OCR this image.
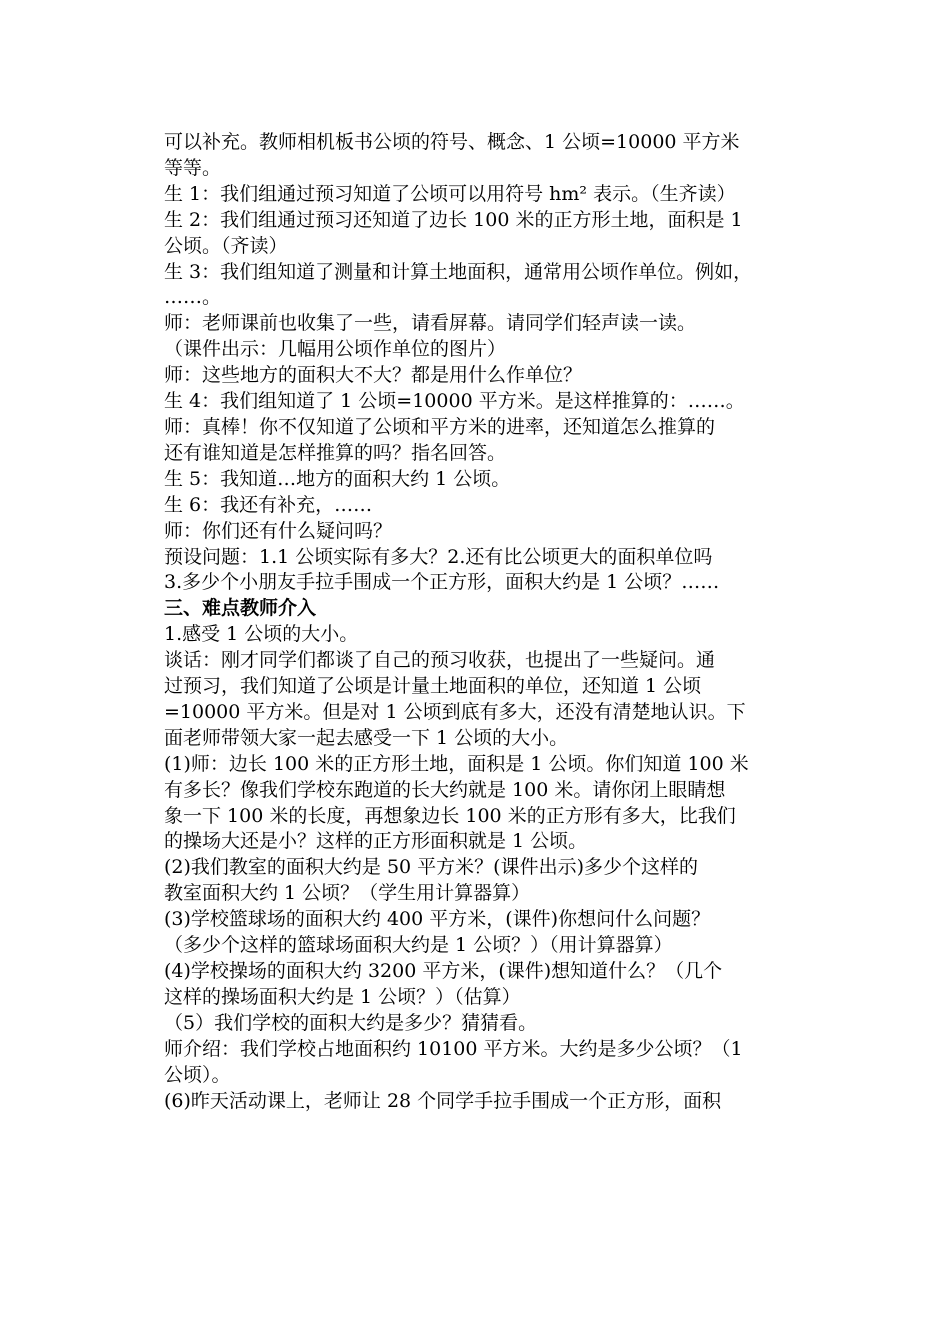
可以补充。教师相机板书公顷的符号、概念、1 公顷=10000 平方米
等等。
生 1：我们组通过预习知道了公顷可以用符号 hm² 表示。（生齐读）
生 2：我们组通过预习还知道了边长 100 米的正方形土地，面积是 1
公顷。（齐读）
生 3：我们组知道了测量和计算土地面积，通常用公顷作单位。例如，
……。
师：老师课前也收集了一些，请看屏幕。请同学们轻声读一读。
（课件出示：几幅用公顷作单位的图片）
师：这些地方的面积大不大？都是用什么作单位？
生 4：我们组知道了 1 公顷=10000 平方米。是这样推算的：……。
师：真棒！你不仅知道了公顷和平方米的进率，还知道怎么推算的
还有谁知道是怎样推算的吗？指名回答。
生 5：我知道…地方的面积大约 1 公顷。
生 6：我还有补充，……
师：你们还有什么疑问吗？
预设问题：1.1 公顷实际有多大？2.还有比公顷更大的面积单位吗
3.多少个小朋友手拉手围成一个正方形，面积大约是 1 公顷？……
三、难点教师介入
1.感受 1 公顷的大小。
谈话：刚才同学们都谈了自己的预习收获，也提出了一些疑问。通
过预习，我们知道了公顷是计量土地面积的单位，还知道 1 公顷
=10000 平方米。但是对 1 公顷到底有多大，还没有清楚地认识。下
面老师带领大家一起去感受一下 1 公顷的大小。
(1)师：边长 100 米的正方形土地，面积是 1 公顷。你们知道 100 米
有多长？像我们学校东跑道的长大约就是 100 米。请你闭上眼睛想
象一下 100 米的长度，再想象边长 100 米的正方形有多大，比我们
的操场大还是小？这样的正方形面积就是 1 公顷。
(2)我们教室的面积大约是 50 平方米？(课件出示)多少个这样的
教室面积大约 1 公顷？（学生用计算器算）
(3)学校篮球场的面积大约 400 平方米，(课件)你想问什么问题？
（多少个这样的篮球场面积大约是 1 公顷？）（用计算器算）
(4)学校操场的面积大约 3200 平方米，(课件)想知道什么？（几个
这样的操场面积大约是 1 公顷？）（估算）
（5）我们学校的面积大约是多少？猜猜看。
师介绍：我们学校占地面积约 10100 平方米。大约是多少公顷？（1
公顷）。
(6)昨天活动课上，老师让 28 个同学手拉手围成一个正方形，面积
